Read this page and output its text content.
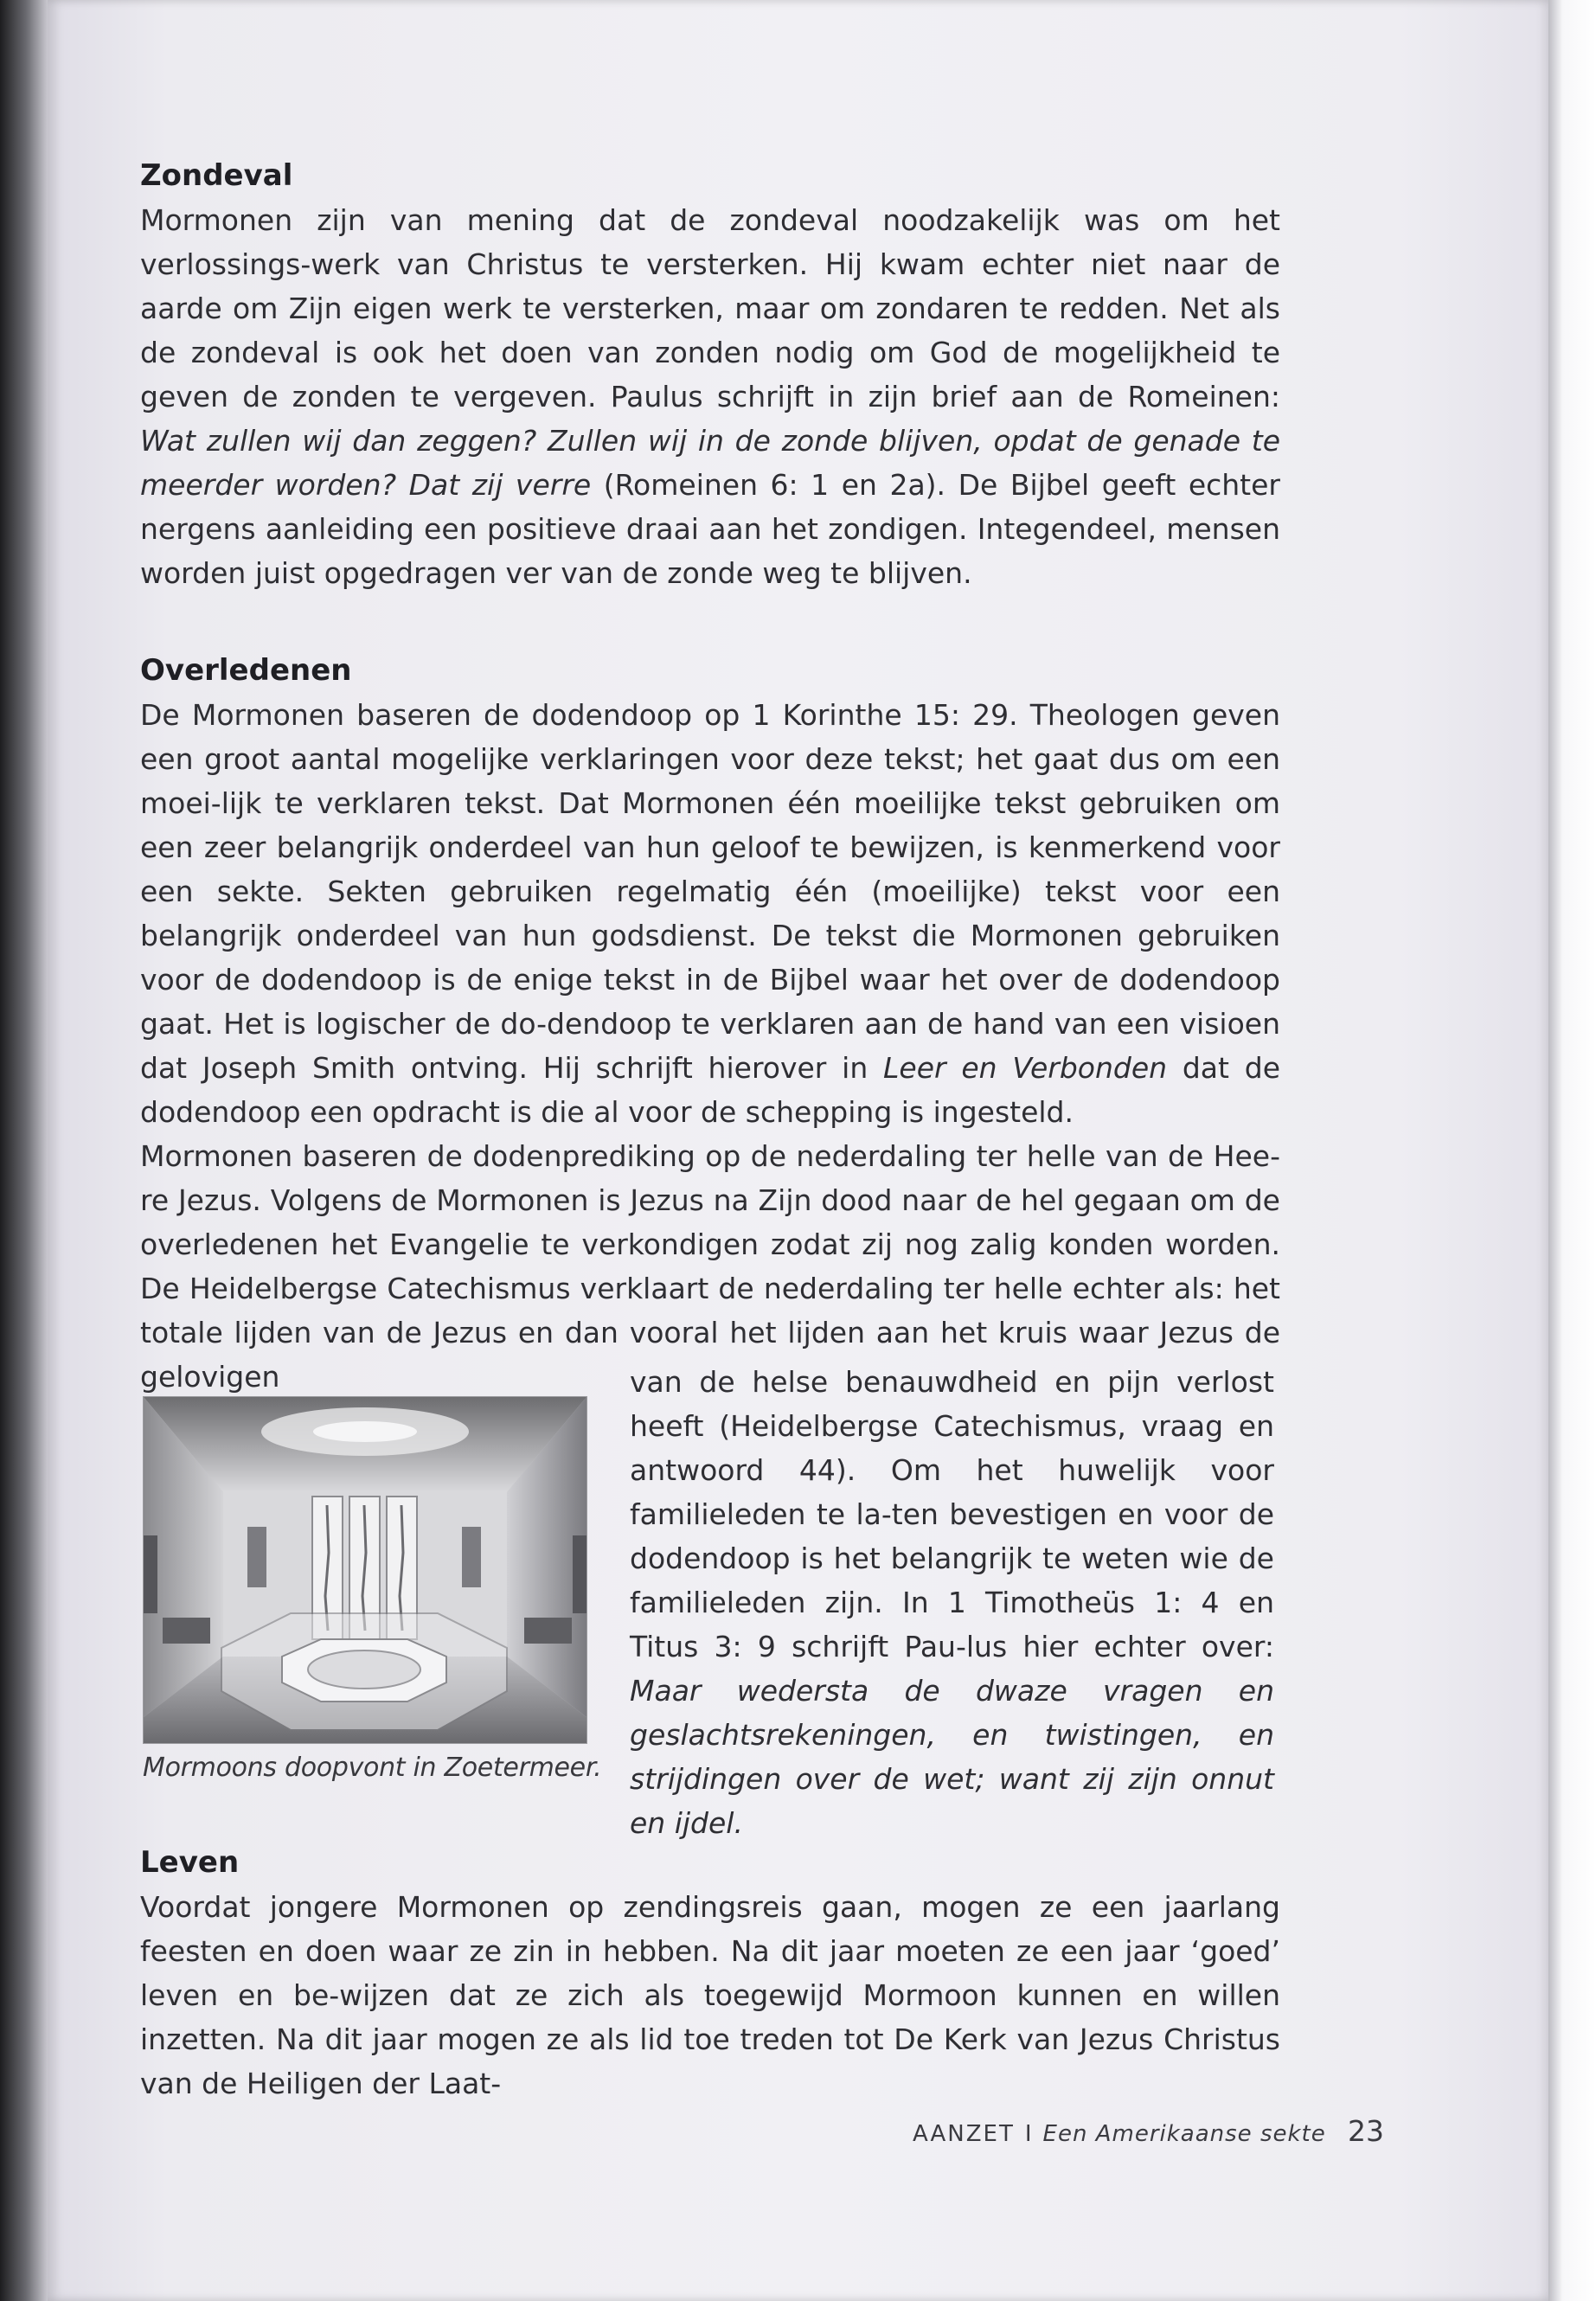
Zondeval

Mormonen zijn van mening dat de zondeval noodzakelijk was om het verlossings-werk van Christus te versterken. Hij kwam echter niet naar de aarde om Zijn eigen werk te versterken, maar om zondaren te redden. Net als de zondeval is ook het doen van zonden nodig om God de mogelijkheid te geven de zonden te vergeven. Paulus schrijft in zijn brief aan de Romeinen: Wat zullen wij dan zeggen? Zullen wij in de zonde blijven, opdat de genade te meerder worden? Dat zij verre (Romeinen 6: 1 en 2a). De Bijbel geeft echter nergens aanleiding een positieve draai aan het zondigen. Integendeel, mensen worden juist opgedragen ver van de zonde weg te blijven.

Overledenen

De Mormonen baseren de dodendoop op 1 Korinthe 15: 29. Theologen geven een groot aantal mogelijke verklaringen voor deze tekst; het gaat dus om een moei-lijk te verklaren tekst. Dat Mormonen één moeilijke tekst gebruiken om een zeer belangrijk onderdeel van hun geloof te bewijzen, is kenmerkend voor een sekte. Sekten gebruiken regelmatig één (moeilijke) tekst voor een belangrijk onderdeel van hun godsdienst. De tekst die Mormonen gebruiken voor de dodendoop is de enige tekst in de Bijbel waar het over de dodendoop gaat. Het is logischer de do-dendoop te verklaren aan de hand van een visioen dat Joseph Smith ontving. Hij schrijft hierover in Leer en Verbonden dat de dodendoop een opdracht is die al voor de schepping is ingesteld.

Mormonen baseren de dodenprediking op de nederdaling ter helle van de Hee-re Jezus. Volgens de Mormonen is Jezus na Zijn dood naar de hel gegaan om de overledenen het Evangelie te verkondigen zodat zij nog zalig konden worden. De Heidelbergse Catechismus verklaart de nederdaling ter helle echter als: het totale lijden van de Jezus en dan vooral het lijden aan het kruis waar Jezus de gelovigen

Mormoons doopvont in Zoetermeer.

van de helse benauwdheid en pijn verlost heeft (Heidelbergse Catechismus, vraag en antwoord 44). Om het huwelijk voor familieleden te la-ten bevestigen en voor de dodendoop is het belangrijk te weten wie de familieleden zijn. In 1 Timotheüs 1: 4 en Titus 3: 9 schrijft Pau-lus hier echter over: Maar wedersta de dwaze vragen en geslachtsrekeningen, en twistingen, en strijdingen over de wet; want zij zijn onnut en ijdel.

Leven

Voordat jongere Mormonen op zendingsreis gaan, mogen ze een jaarlang feesten en doen waar ze zin in hebben. Na dit jaar moeten ze een jaar ‘goed’ leven en be-wijzen dat ze zich als toegewijd Mormoon kunnen en willen inzetten. Na dit jaar mogen ze als lid toe treden tot De Kerk van Jezus Christus van de Heiligen der Laat-

AANZET I Een Amerikaanse sekte 23
